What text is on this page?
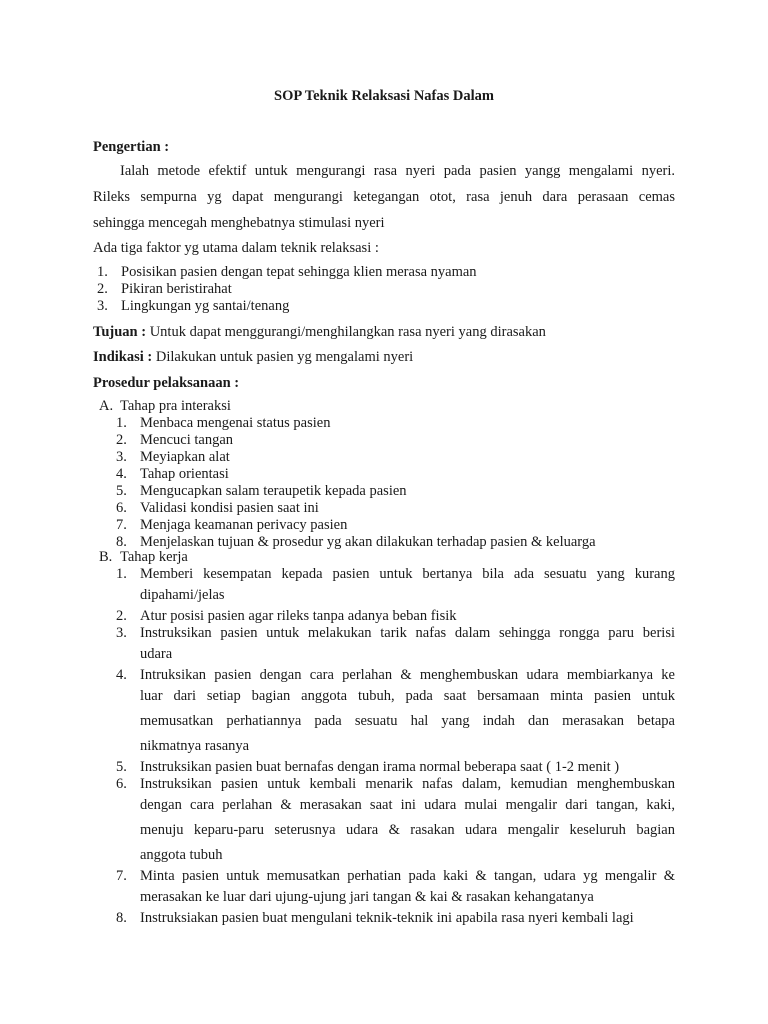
SOP Teknik Relaksasi Nafas Dalam
Pengertian :
Ialah metode efektif untuk mengurangi rasa nyeri pada pasien yangg mengalami nyeri.
Rileks sempurna yg dapat mengurangi ketegangan otot, rasa jenuh dara perasaan cemas
sehingga mencegah menghebatnya stimulasi nyeri
Ada tiga faktor yg utama dalam teknik relaksasi :
1. Posisikan pasien dengan tepat sehingga klien merasa nyaman
2. Pikiran beristirahat
3. Lingkungan yg santai/tenang
Tujuan : Untuk dapat menggurangi/menghilangkan rasa nyeri yang dirasakan
Indikasi : Dilakukan untuk pasien yg mengalami nyeri
Prosedur pelaksanaan :
A. Tahap pra interaksi
1. Menbaca mengenai status pasien
2. Mencuci tangan
3. Meyiapkan alat
4. Tahap orientasi
5. Mengucapkan salam teraupetik kepada pasien
6. Validasi kondisi pasien saat ini
7. Menjaga keamanan perivacy pasien
8. Menjelaskan tujuan & prosedur yg akan dilakukan terhadap pasien & keluarga
B. Tahap kerja
1. Memberi kesempatan kepada pasien untuk bertanya bila ada sesuatu yang kurang
dipahami/jelas
2. Atur posisi pasien agar rileks tanpa adanya beban fisik
3. Instruksikan pasien untuk melakukan tarik nafas dalam sehingga rongga paru berisi
udara
4. Intruksikan pasien dengan cara perlahan & menghembuskan udara membiarkanya ke
luar dari setiap bagian anggota tubuh, pada saat bersamaan minta pasien untuk
memusatkan perhatiannya pada sesuatu hal yang indah dan merasakan betapa
nikmatnya rasanya
5. Instruksikan pasien buat bernafas dengan irama normal beberapa saat ( 1-2 menit )
6. Instruksikan pasien untuk kembali menarik nafas dalam, kemudian menghembuskan
dengan cara perlahan & merasakan saat ini udara mulai mengalir dari tangan, kaki,
menuju keparu-paru seterusnya udara & rasakan udara mengalir keseluruh bagian
anggota tubuh
7. Minta pasien untuk memusatkan perhatian pada kaki & tangan, udara yg mengalir &
merasakan ke luar dari ujung-ujung jari tangan & kai & rasakan kehangatanya
8. Instruksiakan pasien buat mengulani teknik-teknik ini apabila rasa nyeri kembali lagi
